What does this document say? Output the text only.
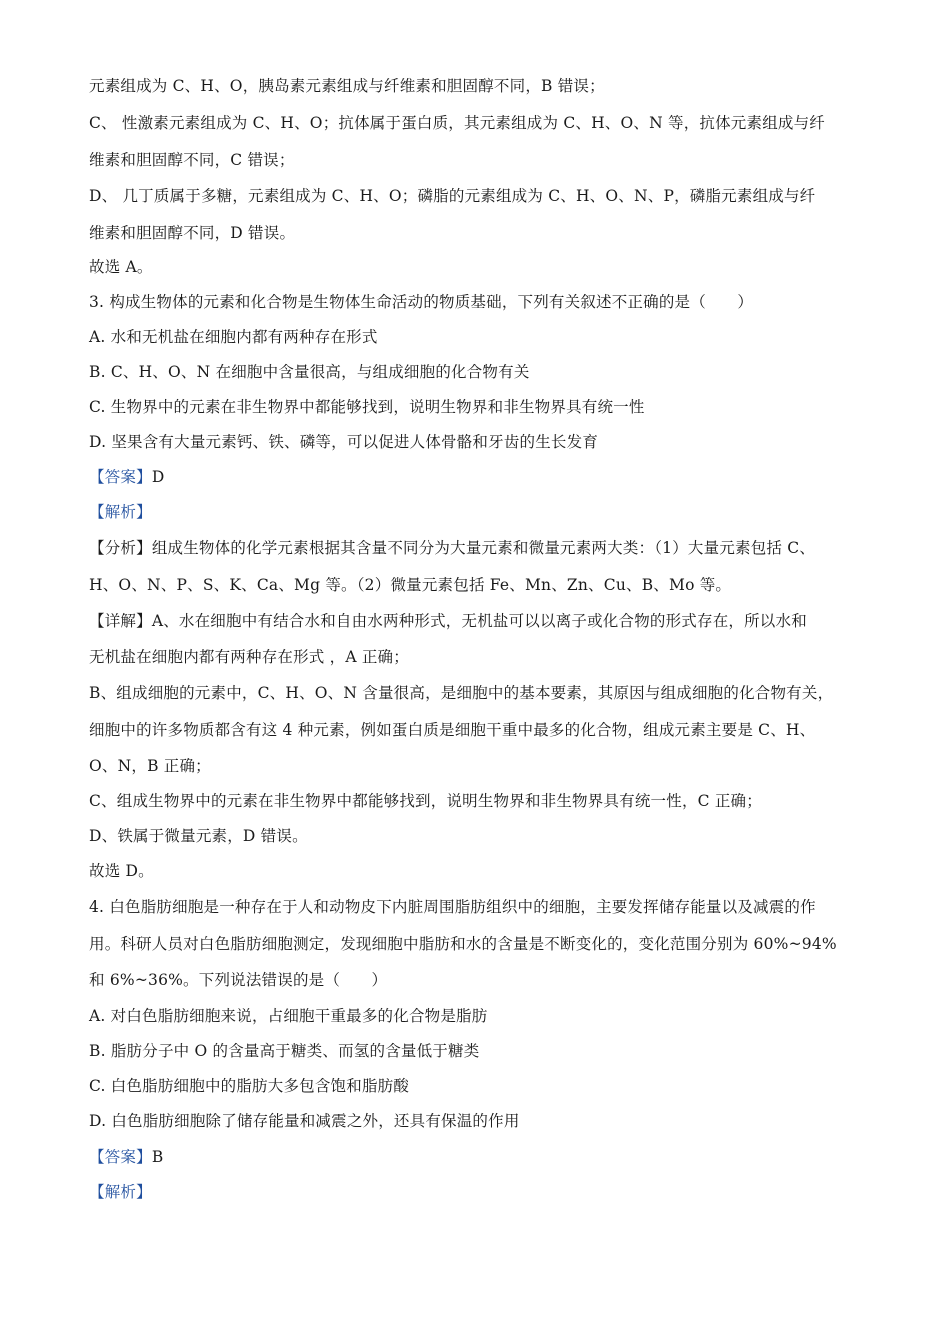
元素组成为 C、H、O，胰岛素元素组成与纤维素和胆固醇不同，B 错误；
C、 性激素元素组成为 C、H、O；抗体属于蛋白质，其元素组成为 C、H、O、N 等，抗体元素组成与纤
维素和胆固醇不同，C 错误；
D、 几丁质属于多糖，元素组成为 C、H、O；磷脂的元素组成为 C、H、O、N、P，磷脂元素组成与纤
维素和胆固醇不同，D 错误。
故选 A。
3. 构成生物体的元素和化合物是生物体生命活动的物质基础，下列有关叙述不正确的是（　　）
A. 水和无机盐在细胞内都有两种存在形式
B. C、H、O、N 在细胞中含量很高，与组成细胞的化合物有关
C. 生物界中的元素在非生物界中都能够找到，说明生物界和非生物界具有统一性
D. 坚果含有大量元素钙、铁、磷等，可以促进人体骨骼和牙齿的生长发育
【答案】D
【解析】
【分析】组成生物体的化学元素根据其含量不同分为大量元素和微量元素两大类：（1）大量元素包括 C、
H、O、N、P、S、K、Ca、Mg 等。（2）微量元素包括 Fe、Mn、Zn、Cu、B、Mo 等。
【详解】A、水在细胞中有结合水和自由水两种形式，无机盐可以以离子或化合物的形式存在，所以水和
无机盐在细胞内都有两种存在形式 ，A 正确；
B、组成细胞的元素中，C、H、O、N 含量很高，是细胞中的基本要素，其原因与组成细胞的化合物有关，
细胞中的许多物质都含有这 4 种元素，例如蛋白质是细胞干重中最多的化合物，组成元素主要是 C、H、
O、N，B 正确；
C、组成生物界中的元素在非生物界中都能够找到，说明生物界和非生物界具有统一性，C 正确；
D、铁属于微量元素，D 错误。
故选 D。
4. 白色脂肪细胞是一种存在于人和动物皮下内脏周围脂肪组织中的细胞，主要发挥储存能量以及减震的作
用。科研人员对白色脂肪细胞测定，发现细胞中脂肪和水的含量是不断变化的，变化范围分别为 60%~94%
和 6%~36%。下列说法错误的是（　　）
A. 对白色脂肪细胞来说，占细胞干重最多的化合物是脂肪
B. 脂肪分子中 O 的含量高于糖类、而氢的含量低于糖类
C. 白色脂肪细胞中的脂肪大多包含饱和脂肪酸
D. 白色脂肪细胞除了储存能量和减震之外，还具有保温的作用
【答案】B
【解析】
